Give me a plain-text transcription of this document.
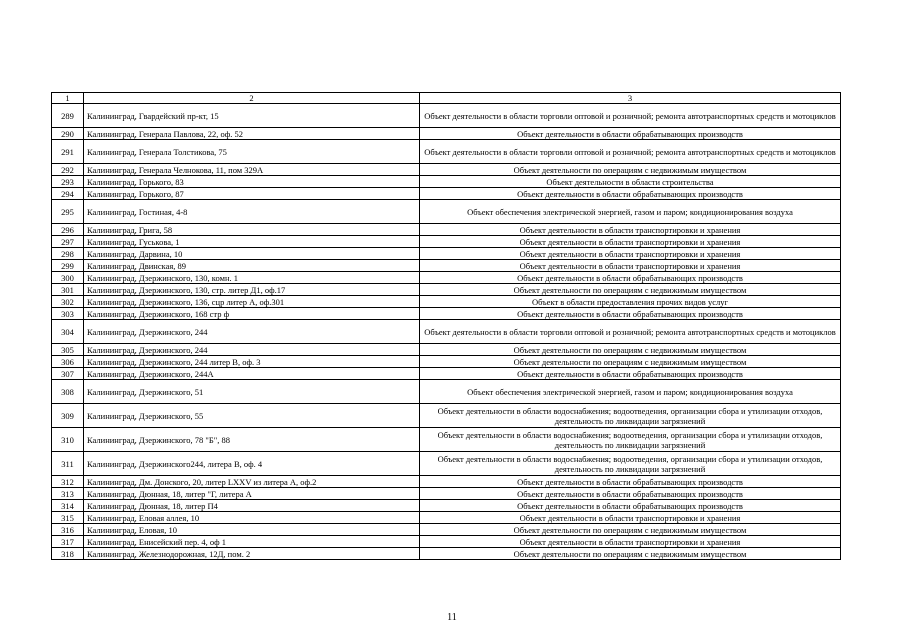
1	2	3
289	Калининград, Гвардейский пр-кт, 15	Объект деятельности в области торговли оптовой и розничной; ремонта автотранспортных средств и мотоциклов
290	Калининград, Генерала Павлова, 22, оф. 52	Объект деятельности в области обрабатывающих производств
291	Калининград, Генерала Толстикова, 75	Объект деятельности в области торговли оптовой и розничной; ремонта автотранспортных средств и мотоциклов
292	Калининград, Генерала Челнокова, 11, пом 329А	Объект деятельности по операциям с недвижимым имуществом
293	Калининград, Горького, 83	Объект деятельности в области строительства
294	Калининград, Горького, 87	Объект деятельности в области обрабатывающих производств
295	Калининград, Гостиная, 4-8	Объект обеспечения электрической энергией, газом и паром; кондиционирования воздуха
296	Калининград, Грига, 58	Объект деятельности в области транспортировки и хранения
297	Калининград, Гуськова, 1	Объект деятельности в области транспортировки и хранения
298	Калининград, Дарвина, 10	Объект деятельности в области транспортировки и хранения
299	Калининград, Двинская, 89	Объект деятельности в области транспортировки и хранения
300	Калининград, Дзержинского, 130, комн. 1	Объект деятельности в области обрабатывающих производств
301	Калининград, Дзержинского, 130, стр. литер Д1, оф.17	Объект деятельности по операциям с недвижимым имуществом
302	Калининград, Дзержинского, 136, сцр литер А, оф.301	Объект в области предоставления прочих видов услуг
303	Калининград, Дзержинского, 168 стр ф	Объект деятельности в области обрабатывающих производств
304	Калининград, Дзержинского, 244	Объект деятельности в области торговли оптовой и розничной; ремонта автотранспортных средств и мотоциклов
305	Калининград, Дзержинского, 244	Объект деятельности по операциям с недвижимым имуществом
306	Калининград, Дзержинского, 244 литер В, оф. 3	Объект деятельности по операциям с недвижимым имуществом
307	Калининград, Дзержинского, 244А	Объект деятельности в области обрабатывающих производств
308	Калининград, Дзержинского, 51	Объект обеспечения электрической энергией, газом и паром; кондиционирования воздуха
309	Калининград, Дзержинского, 55	Объект деятельности в области водоснабжения; водоотведения, организации сбора и утилизации отходов, деятельность по ликвидации загрязнений
310	Калининград, Дзержинского, 78 "Б", 88	Объект деятельности в области водоснабжения; водоотведения, организации сбора и утилизации отходов, деятельность по ликвидации загрязнений
311	Калининград, Дзержинского244, литера В, оф. 4	Объект деятельности в области водоснабжения; водоотведения, организации сбора и утилизации отходов, деятельность по ликвидации загрязнений
312	Калининград, Дм. Донского, 20, литер LXXV из литера А, оф.2	Объект деятельности в области обрабатывающих производств
313	Калининград, Дюнная, 18, литер "Г, литера А	Объект деятельности в области обрабатывающих производств
314	Калининград, Дюнная, 18, литер П4	Объект деятельности в области обрабатывающих производств
315	Калининград, Еловая аллея, 10	Объект деятельности в области транспортировки и хранения
316	Калининград, Еловая, 10	Объект деятельности по операциям с недвижимым имуществом
317	Калининград, Енисейский пер. 4, оф 1	Объект деятельности в области транспортировки и хранения
318	Калининград, Железнодорожная, 12Д, пом. 2	Объект деятельности по операциям с недвижимым имуществом
11
